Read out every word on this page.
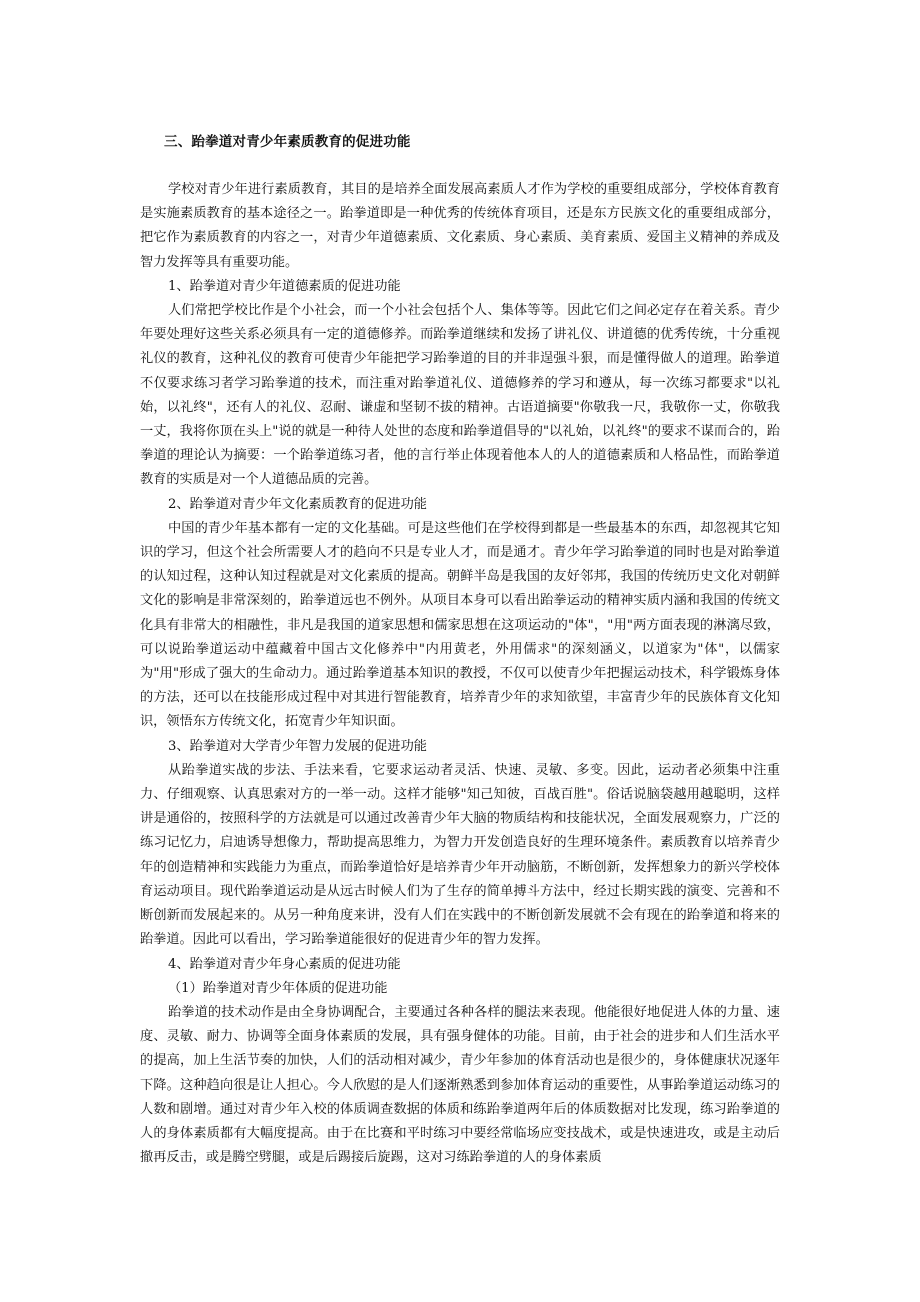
三、跆拳道对青少年素质教育的促进功能

学校对青少年进行素质教育，其目的是培养全面发展高素质人才作为学校的重要组成部分，学校体育教育是实施素质教育的基本途径之一。跆拳道即是一种优秀的传统体育项目，还是东方民族文化的重要组成部分，把它作为素质教育的内容之一，对青少年道德素质、文化素质、身心素质、美育素质、爱国主义精神的养成及智力发挥等具有重要功能。

1、跆拳道对青少年道德素质的促进功能

人们常把学校比作是个小社会，而一个小社会包括个人、集体等等。因此它们之间必定存在着关系。青少年要处理好这些关系必须具有一定的道德修养。而跆拳道继续和发扬了讲礼仪、讲道德的优秀传统，十分重视礼仪的教育，这种礼仪的教育可使青少年能把学习跆拳道的目的并非逞强斗狠，而是懂得做人的道理。跆拳道不仅要求练习者学习跆拳道的技术，而注重对跆拳道礼仪、道德修养的学习和遵从，每一次练习都要求"以礼始，以礼终"，还有人的礼仪、忍耐、谦虚和坚韧不拔的精神。古语道摘要"你敬我一尺，我敬你一丈，你敬我一丈，我将你顶在头上"说的就是一种待人处世的态度和跆拳道倡导的"以礼始，以礼终"的要求不谋而合的，跆拳道的理论认为摘要：一个跆拳道练习者，他的言行举止体现着他本人的人的道德素质和人格品性，而跆拳道教育的实质是对一个人道德品质的完善。

2、跆拳道对青少年文化素质教育的促进功能

中国的青少年基本都有一定的文化基础。可是这些他们在学校得到都是一些最基本的东西，却忽视其它知识的学习，但这个社会所需要人才的趋向不只是专业人才，而是通才。青少年学习跆拳道的同时也是对跆拳道的认知过程，这种认知过程就是对文化素质的提高。朝鲜半岛是我国的友好邻邦，我国的传统历史文化对朝鲜文化的影响是非常深刻的，跆拳道远也不例外。从项目本身可以看出跆拳运动的精神实质内涵和我国的传统文化具有非常大的相融性，非凡是我国的道家思想和儒家思想在这项运动的"体"，"用"两方面表现的淋漓尽致，可以说跆拳道运动中蕴藏着中国古文化修养中"内用黄老，外用儒求"的深刻涵义，以道家为"体"，以儒家为"用"形成了强大的生命动力。通过跆拳道基本知识的教授，不仅可以使青少年把握运动技术，科学锻炼身体的方法，还可以在技能形成过程中对其进行智能教育，培养青少年的求知欲望，丰富青少年的民族体育文化知识，领悟东方传统文化，拓宽青少年知识面。

3、跆拳道对大学青少年智力发展的促进功能

从跆拳道实战的步法、手法来看，它要求运动者灵活、快速、灵敏、多变。因此，运动者必须集中注重力、仔细观察、认真思索对方的一举一动。这样才能够"知己知彼，百战百胜"。俗话说脑袋越用越聪明，这样讲是通俗的，按照科学的方法就是可以通过改善青少年大脑的物质结构和技能状况，全面发展观察力，广泛的练习记忆力，启迪诱导想像力，帮助提高思维力，为智力开发创造良好的生理环境条件。素质教育以培养青少年的创造精神和实践能力为重点，而跆拳道恰好是培养青少年开动脑筋，不断创新，发挥想象力的新兴学校体育运动项目。现代跆拳道运动是从远古时候人们为了生存的简单搏斗方法中，经过长期实践的演变、完善和不断创新而发展起来的。从另一种角度来讲，没有人们在实践中的不断创新发展就不会有现在的跆拳道和将来的跆拳道。因此可以看出，学习跆拳道能很好的促进青少年的智力发挥。

4、跆拳道对青少年身心素质的促进功能
（1）跆拳道对青少年体质的促进功能

跆拳道的技术动作是由全身协调配合，主要通过各种各样的腿法来表现。他能很好地促进人体的力量、速度、灵敏、耐力、协调等全面身体素质的发展，具有强身健体的功能。目前，由于社会的进步和人们生活水平的提高，加上生活节奏的加快，人们的活动相对减少，青少年参加的体育活动也是很少的，身体健康状况逐年下降。这种趋向很是让人担心。今人欣慰的是人们逐渐熟悉到参加体育运动的重要性，从事跆拳道运动练习的人数和剧增。通过对青少年入校的体质调查数据的体质和练跆拳道两年后的体质数据对比发现，练习跆拳道的人的身体素质都有大幅度提高。由于在比赛和平时练习中要经常临场应变技战术，或是快速进攻，或是主动后撤再反击，或是腾空劈腿，或是后踢接后旋踢，这对习练跆拳道的人的身体素质
